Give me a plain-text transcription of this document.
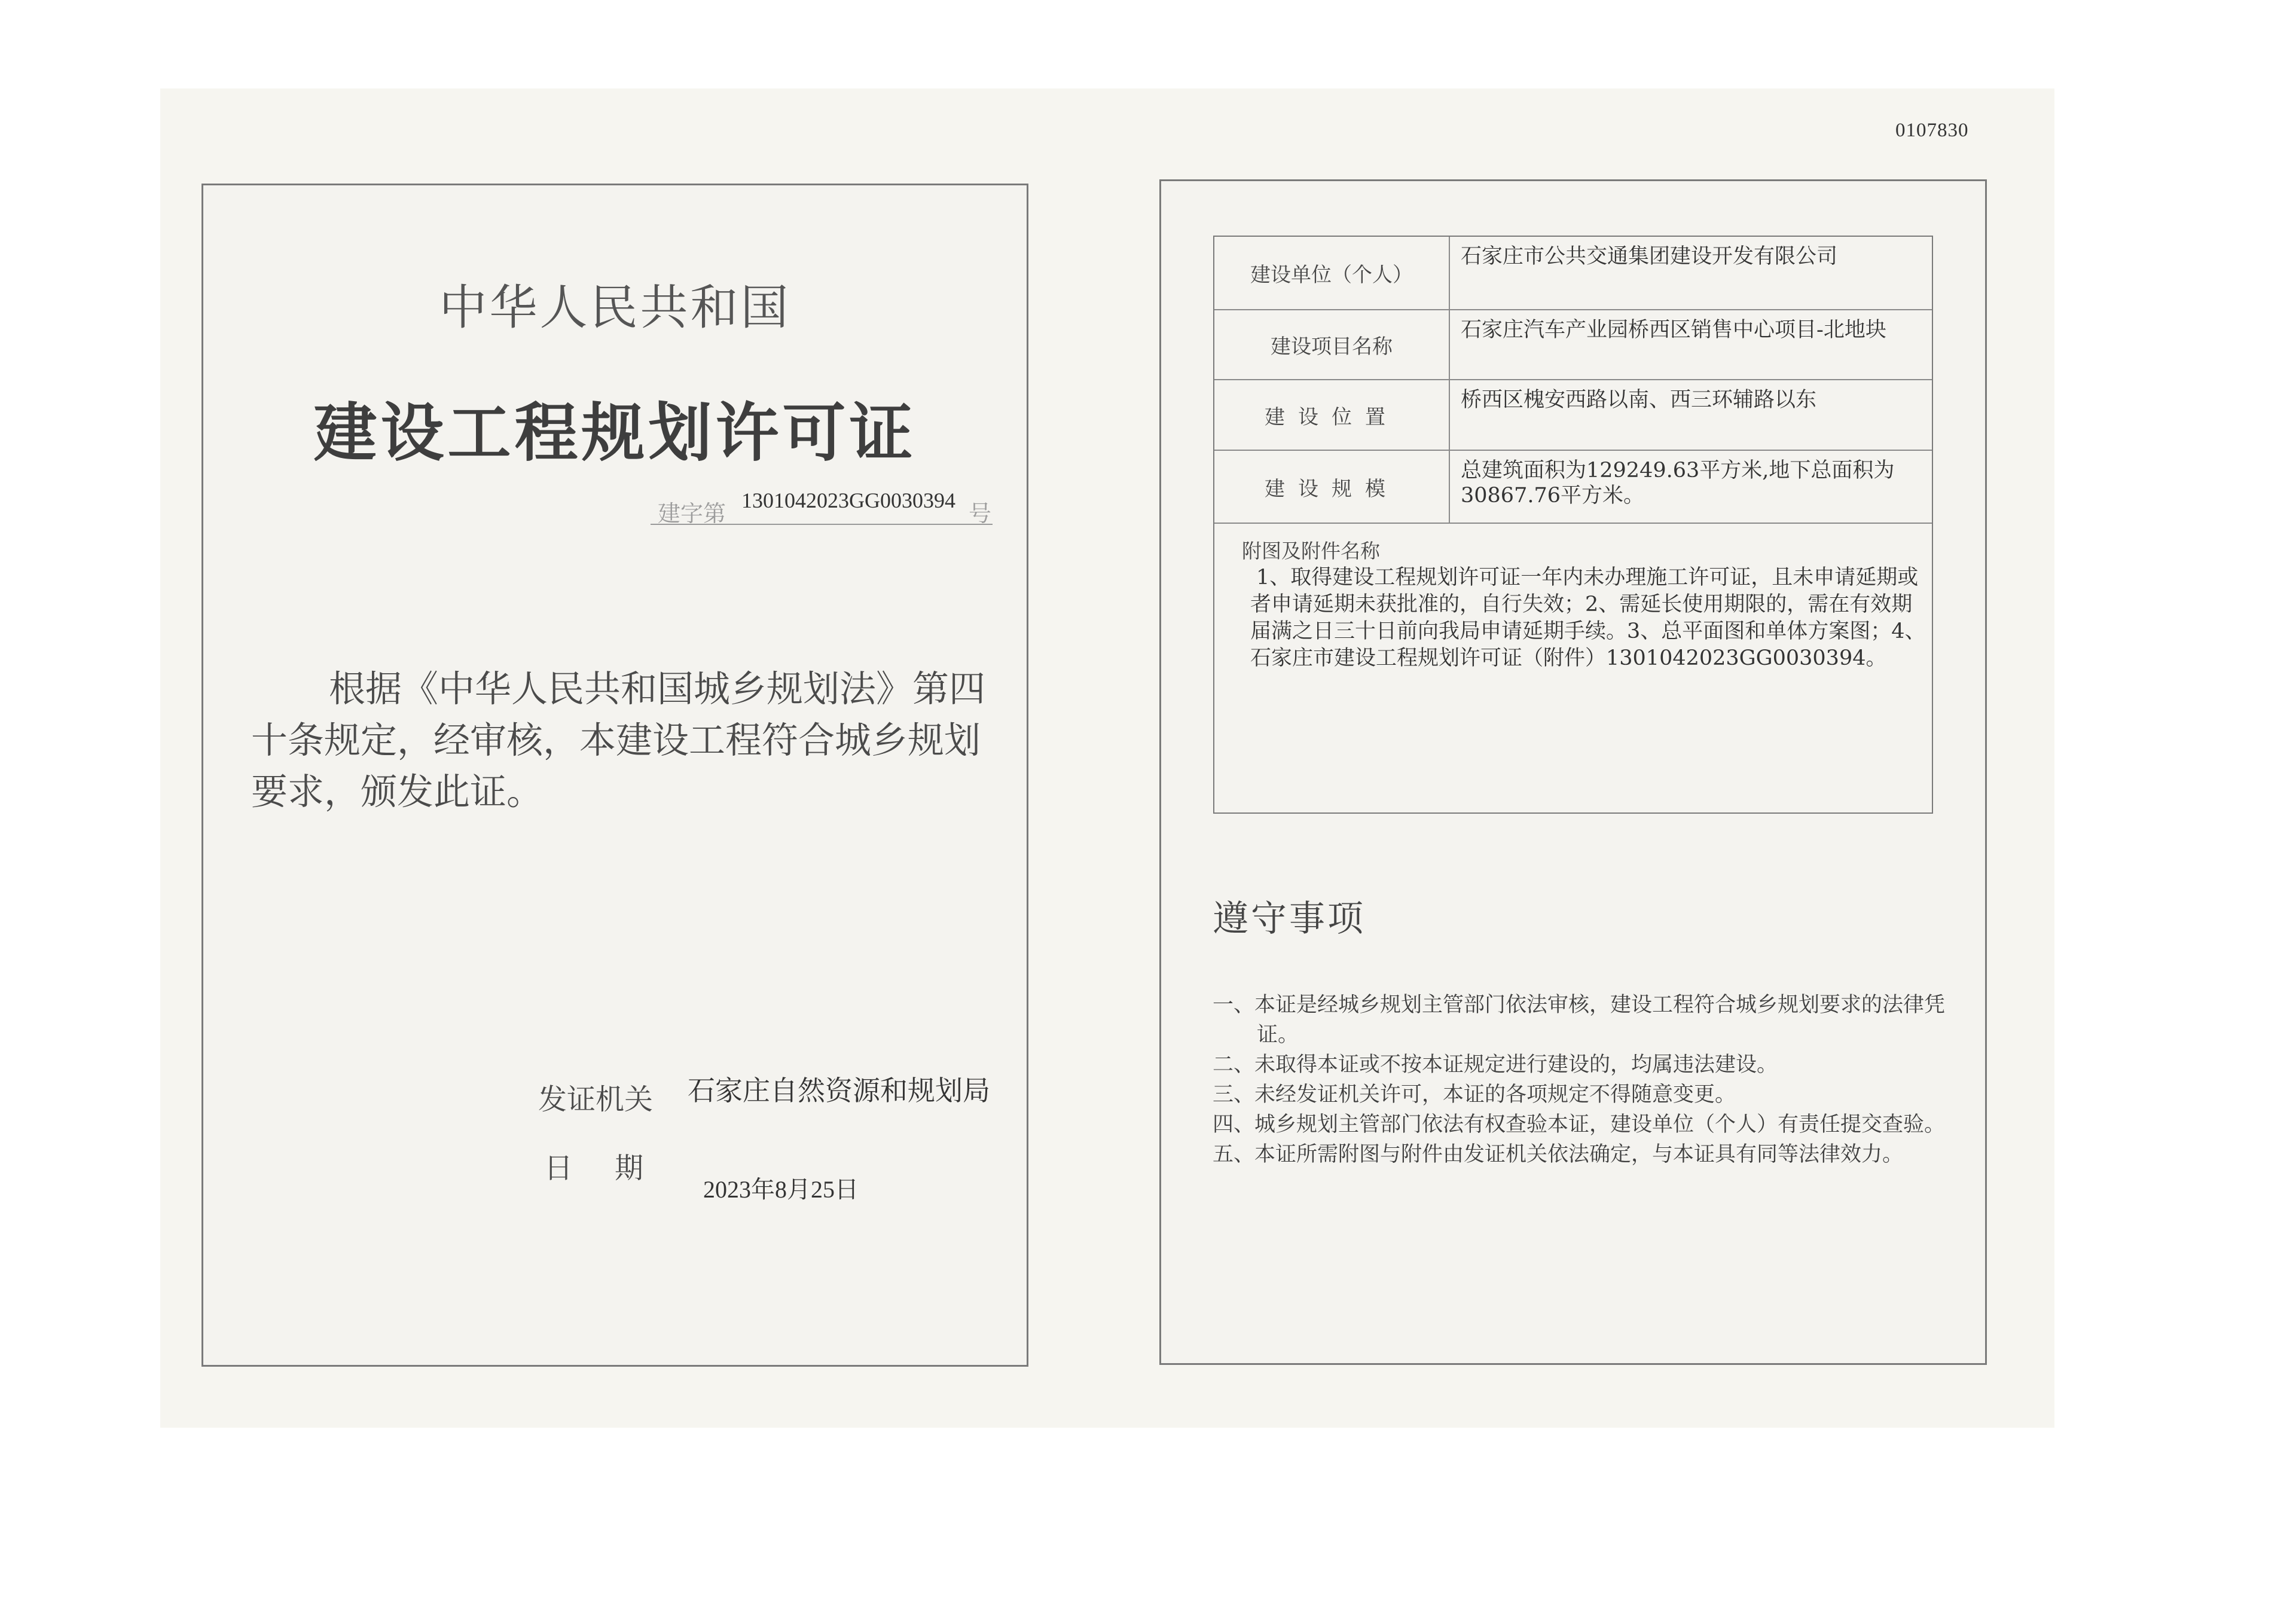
0107830
中华人民共和国
建设工程规划许可证
建字第 1301042023GG0030394 号
根据《中华人民共和国城乡规划法》第四十条规定，经审核，本建设工程符合城乡规划要求，颁发此证。
发证机关 石家庄自然资源和规划局
日期
2023年8月25日
建设单位（个人）
石家庄市公共交通集团建设开发有限公司
建设项目名称
石家庄汽车产业园桥西区销售中心项目-北地块
建设位置
桥西区槐安西路以南、西三环辅路以东
建设规模
总建筑面积为129249.63平方米,地下总面积为30867.76平方米。
附图及附件名称
1、取得建设工程规划许可证一年内未办理施工许可证，且未申请延期或者申请延期未获批准的，自行失效；2、需延长使用期限的，需在有效期届满之日三十日前向我局申请延期手续。3、总平面图和单体方案图；4、石家庄市建设工程规划许可证（附件）1301042023GG0030394。
遵守事项
一、本证是经城乡规划主管部门依法审核，建设工程符合城乡规划要求的法律凭证。
二、未取得本证或不按本证规定进行建设的，均属违法建设。
三、未经发证机关许可，本证的各项规定不得随意变更。
四、城乡规划主管部门依法有权查验本证，建设单位（个人）有责任提交查验。
五、本证所需附图与附件由发证机关依法确定，与本证具有同等法律效力。
